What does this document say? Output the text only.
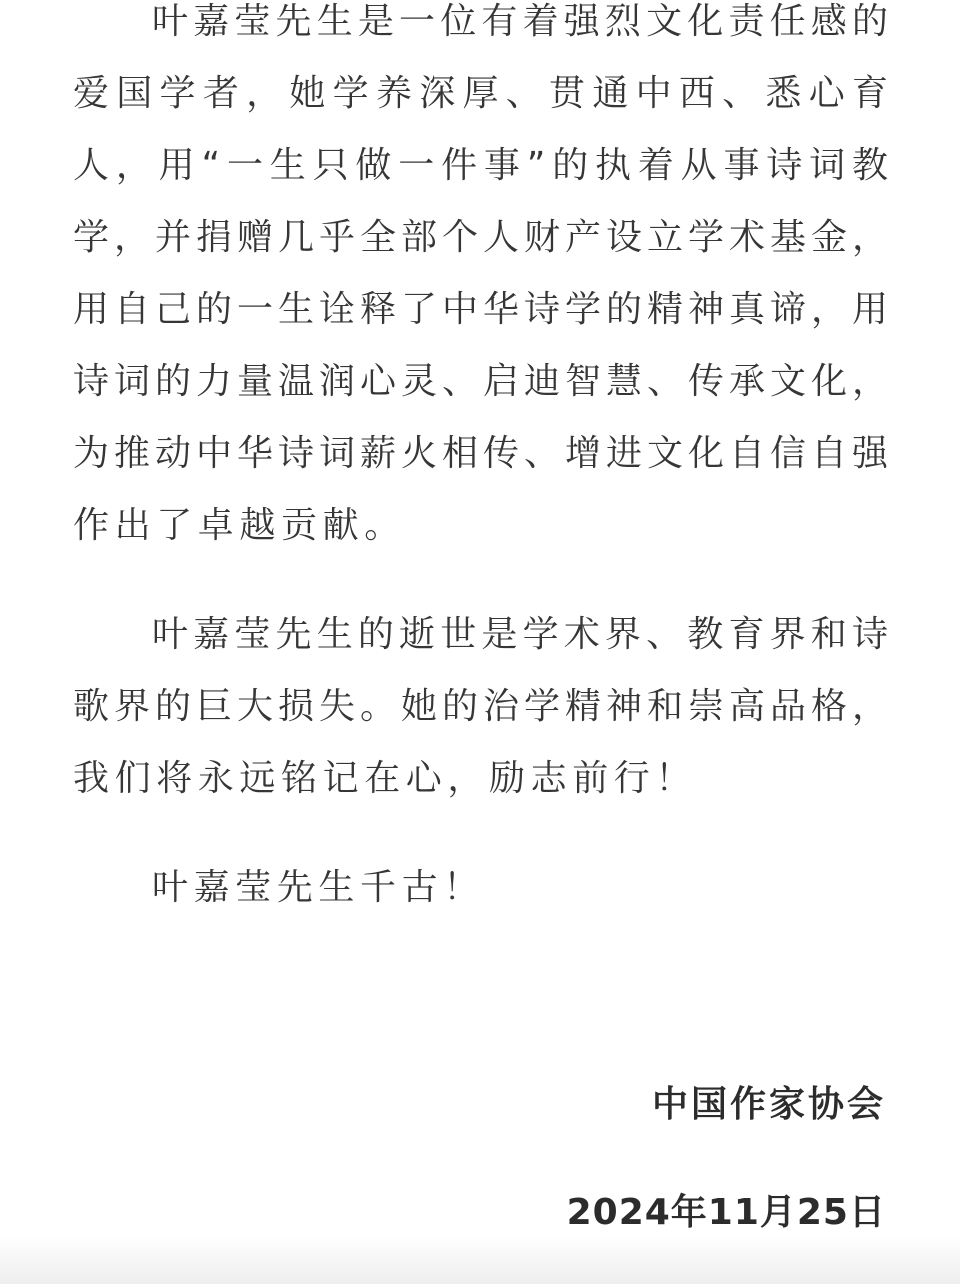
叶嘉莹先生是一位有着强烈文化责任感的
爱国学者，她学养深厚、贯通中西、悉心育
人，用“一生只做一件事”的执着从事诗词教
学，并捐赠几乎全部个人财产设立学术基金，
用自己的一生诠释了中华诗学的精神真谛，用
诗词的力量温润心灵、启迪智慧、传承文化，
为推动中华诗词薪火相传、增进文化自信自强
作出了卓越贡献。
叶嘉莹先生的逝世是学术界、教育界和诗
歌界的巨大损失。她的治学精神和崇高品格，
我们将永远铭记在心，励志前行！
叶嘉莹先生千古！
中国作家协会
2024年11月25日
